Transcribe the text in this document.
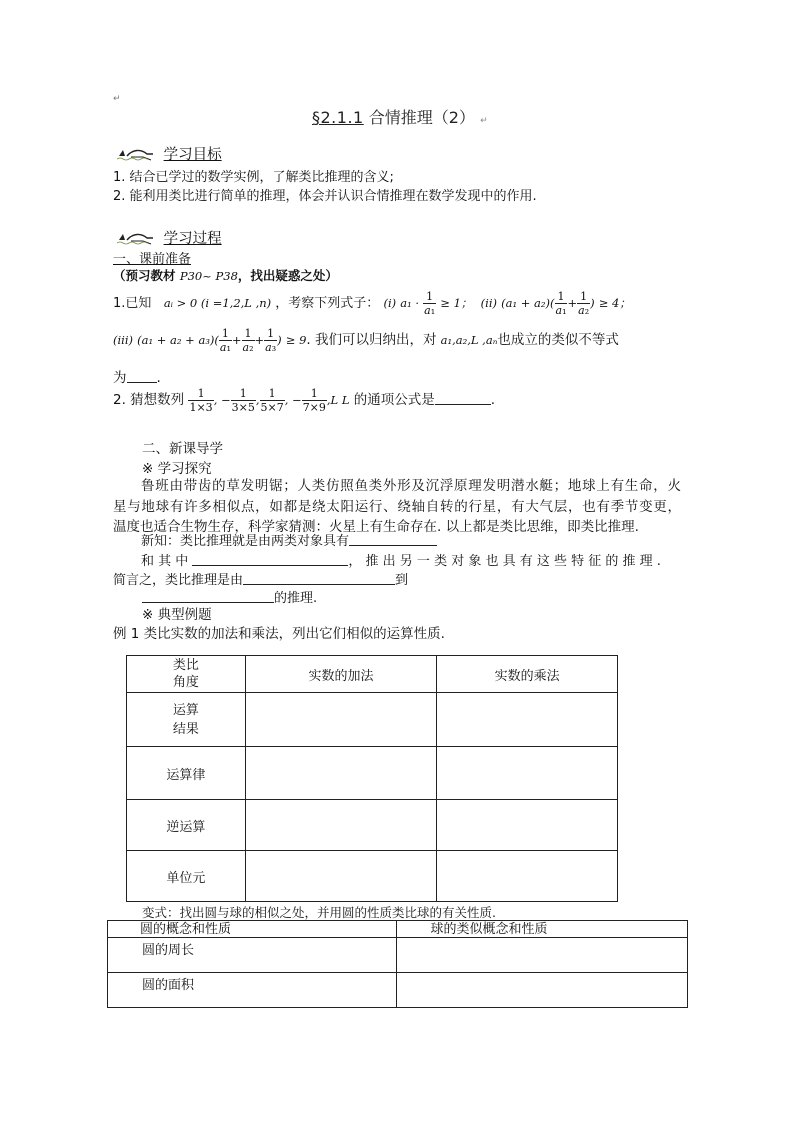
↵
§2.1.1 合情推理（2） ↵
学习目标
1. 结合已学过的数学实例，了解类比推理的含义;
2. 能利用类比进行简单的推理，体会并认识合情推理在数学发现中的作用.
学习过程
一、课前准备
（预习教材 P30~ P38，找出疑惑之处）
1.已知 aᵢ > 0 (i =1,2,L ,n) ，考察下列式子： (i) $a_1 \cdot \frac{1}{\text{a₁}} \ge 1$； (ii) $(a_1 + a_2)( \frac{1}{\text{a₁}} + \frac{1}{\text{a₂}}$ ) ≥ 4；
(iii) $(a_1 + a_2 + a_3)( \frac{1}{\text{a₁}} + \frac{1}{\text{a₂}} + \frac{1}{\text{a₃}}$ ) ≥ 9. 我们可以归纳出，对 a₁,a₂,L ,aₙ也成立的类似不等式
为 .
2. 猜想数列 $\frac{1}{1\times 3}$ , − $\frac{1}{3\times 5}$ , $\frac{1}{5\times 7}$ , − $\frac{1}{7\times 9} ,L$ L 的通项公式是	.
二、新课导学
※ 学习探究
鲁班由带齿的草发明锯；人类仿照鱼类外形及沉浮原理发明潜水艇；地球上有生命，火
星与地球有许多相似点，如都是绕太阳运行、绕轴自转的行星，有大气层，也有季节变更，
温度也适合生物生存，科学家猜测：火星上有生命存在. 以上都是类比思维，即类比推理.
新知：类比推理就是由两类对象具有
和 其 中	， 推 出 另 一 类 对 象 也 具 有 这 些 特 征 的 推 理 .
简言之，类比推理是由	到
的推理.
※ 典型例题
例 1 类比实数的加法和乘法，列出它们相似的运算性质.
类比
角度	实数的加法	实数的乘法
运算
结果		
运算律		
逆运算		
单位元		
变式：找出圆与球的相似之处，并用圆的性质类比球的有关性质.
圆的概念和性质	球的类似概念和性质
圆的周长	
圆的面积	
